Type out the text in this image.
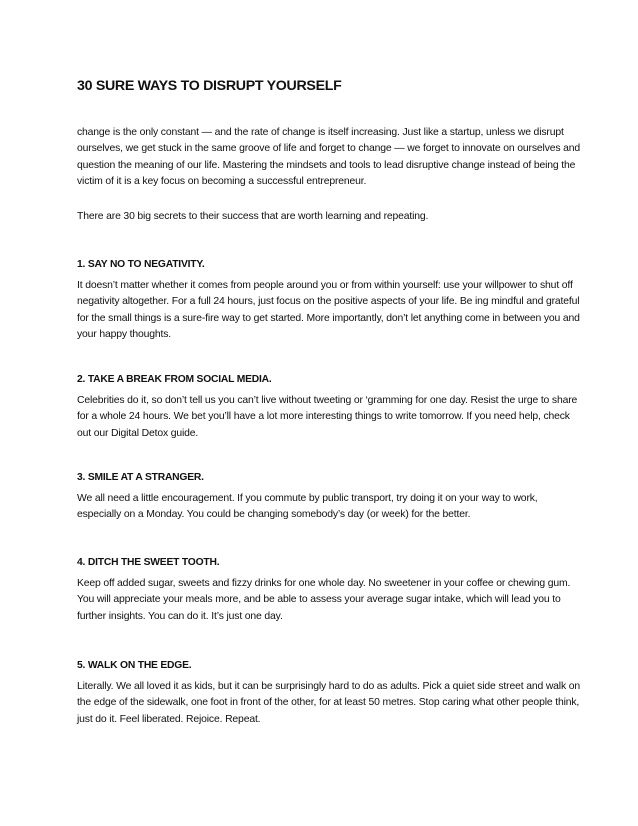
30 SURE WAYS TO DISRUPT YOURSELF

change is the only constant — and the rate of change is itself increasing. Just like a startup, unless we disrupt ourselves, we get stuck in the same groove of life and forget to change — we forget to innovate on ourselves and question the meaning of our life. Mastering the mindsets and tools to lead disruptive change instead of being the victim of it is a key focus on becoming a successful entrepreneur.

There are 30 big secrets to their success that are worth learning and repeating.

1. SAY NO TO NEGATIVITY.

It doesn’t matter whether it comes from people around you or from within yourself: use your willpower to shut off negativity altogether. For a full 24 hours, just focus on the positive aspects of your life. Be ing mindful and grateful for the small things is a sure-fire way to get started. More importantly, don’t let anything come in between you and your happy thoughts.

2. TAKE A BREAK FROM SOCIAL MEDIA.

Celebrities do it, so don’t tell us you can’t live without tweeting or ‘gramming for one day. Resist the urge to share for a whole 24 hours. We bet you’ll have a lot more interesting things to write tomorrow. If you need help, check out our Digital Detox guide.

3. SMILE AT A STRANGER.

We all need a little encouragement. If you commute by public transport, try doing it on your way to work, especially on a Monday. You could be changing somebody’s day (or week) for the better.

4. DITCH THE SWEET TOOTH.

Keep off added sugar, sweets and fizzy drinks for one whole day. No sweetener in your coffee or chewing gum. You will appreciate your meals more, and be able to assess your average sugar intake, which will lead you to further insights. You can do it. It’s just one day.

5. WALK ON THE EDGE.

Literally. We all loved it as kids, but it can be surprisingly hard to do as adults. Pick a quiet side street and walk on the edge of the sidewalk, one foot in front of the other, for at least 50 metres. Stop caring what other people think, just do it. Feel liberated. Rejoice. Repeat.
